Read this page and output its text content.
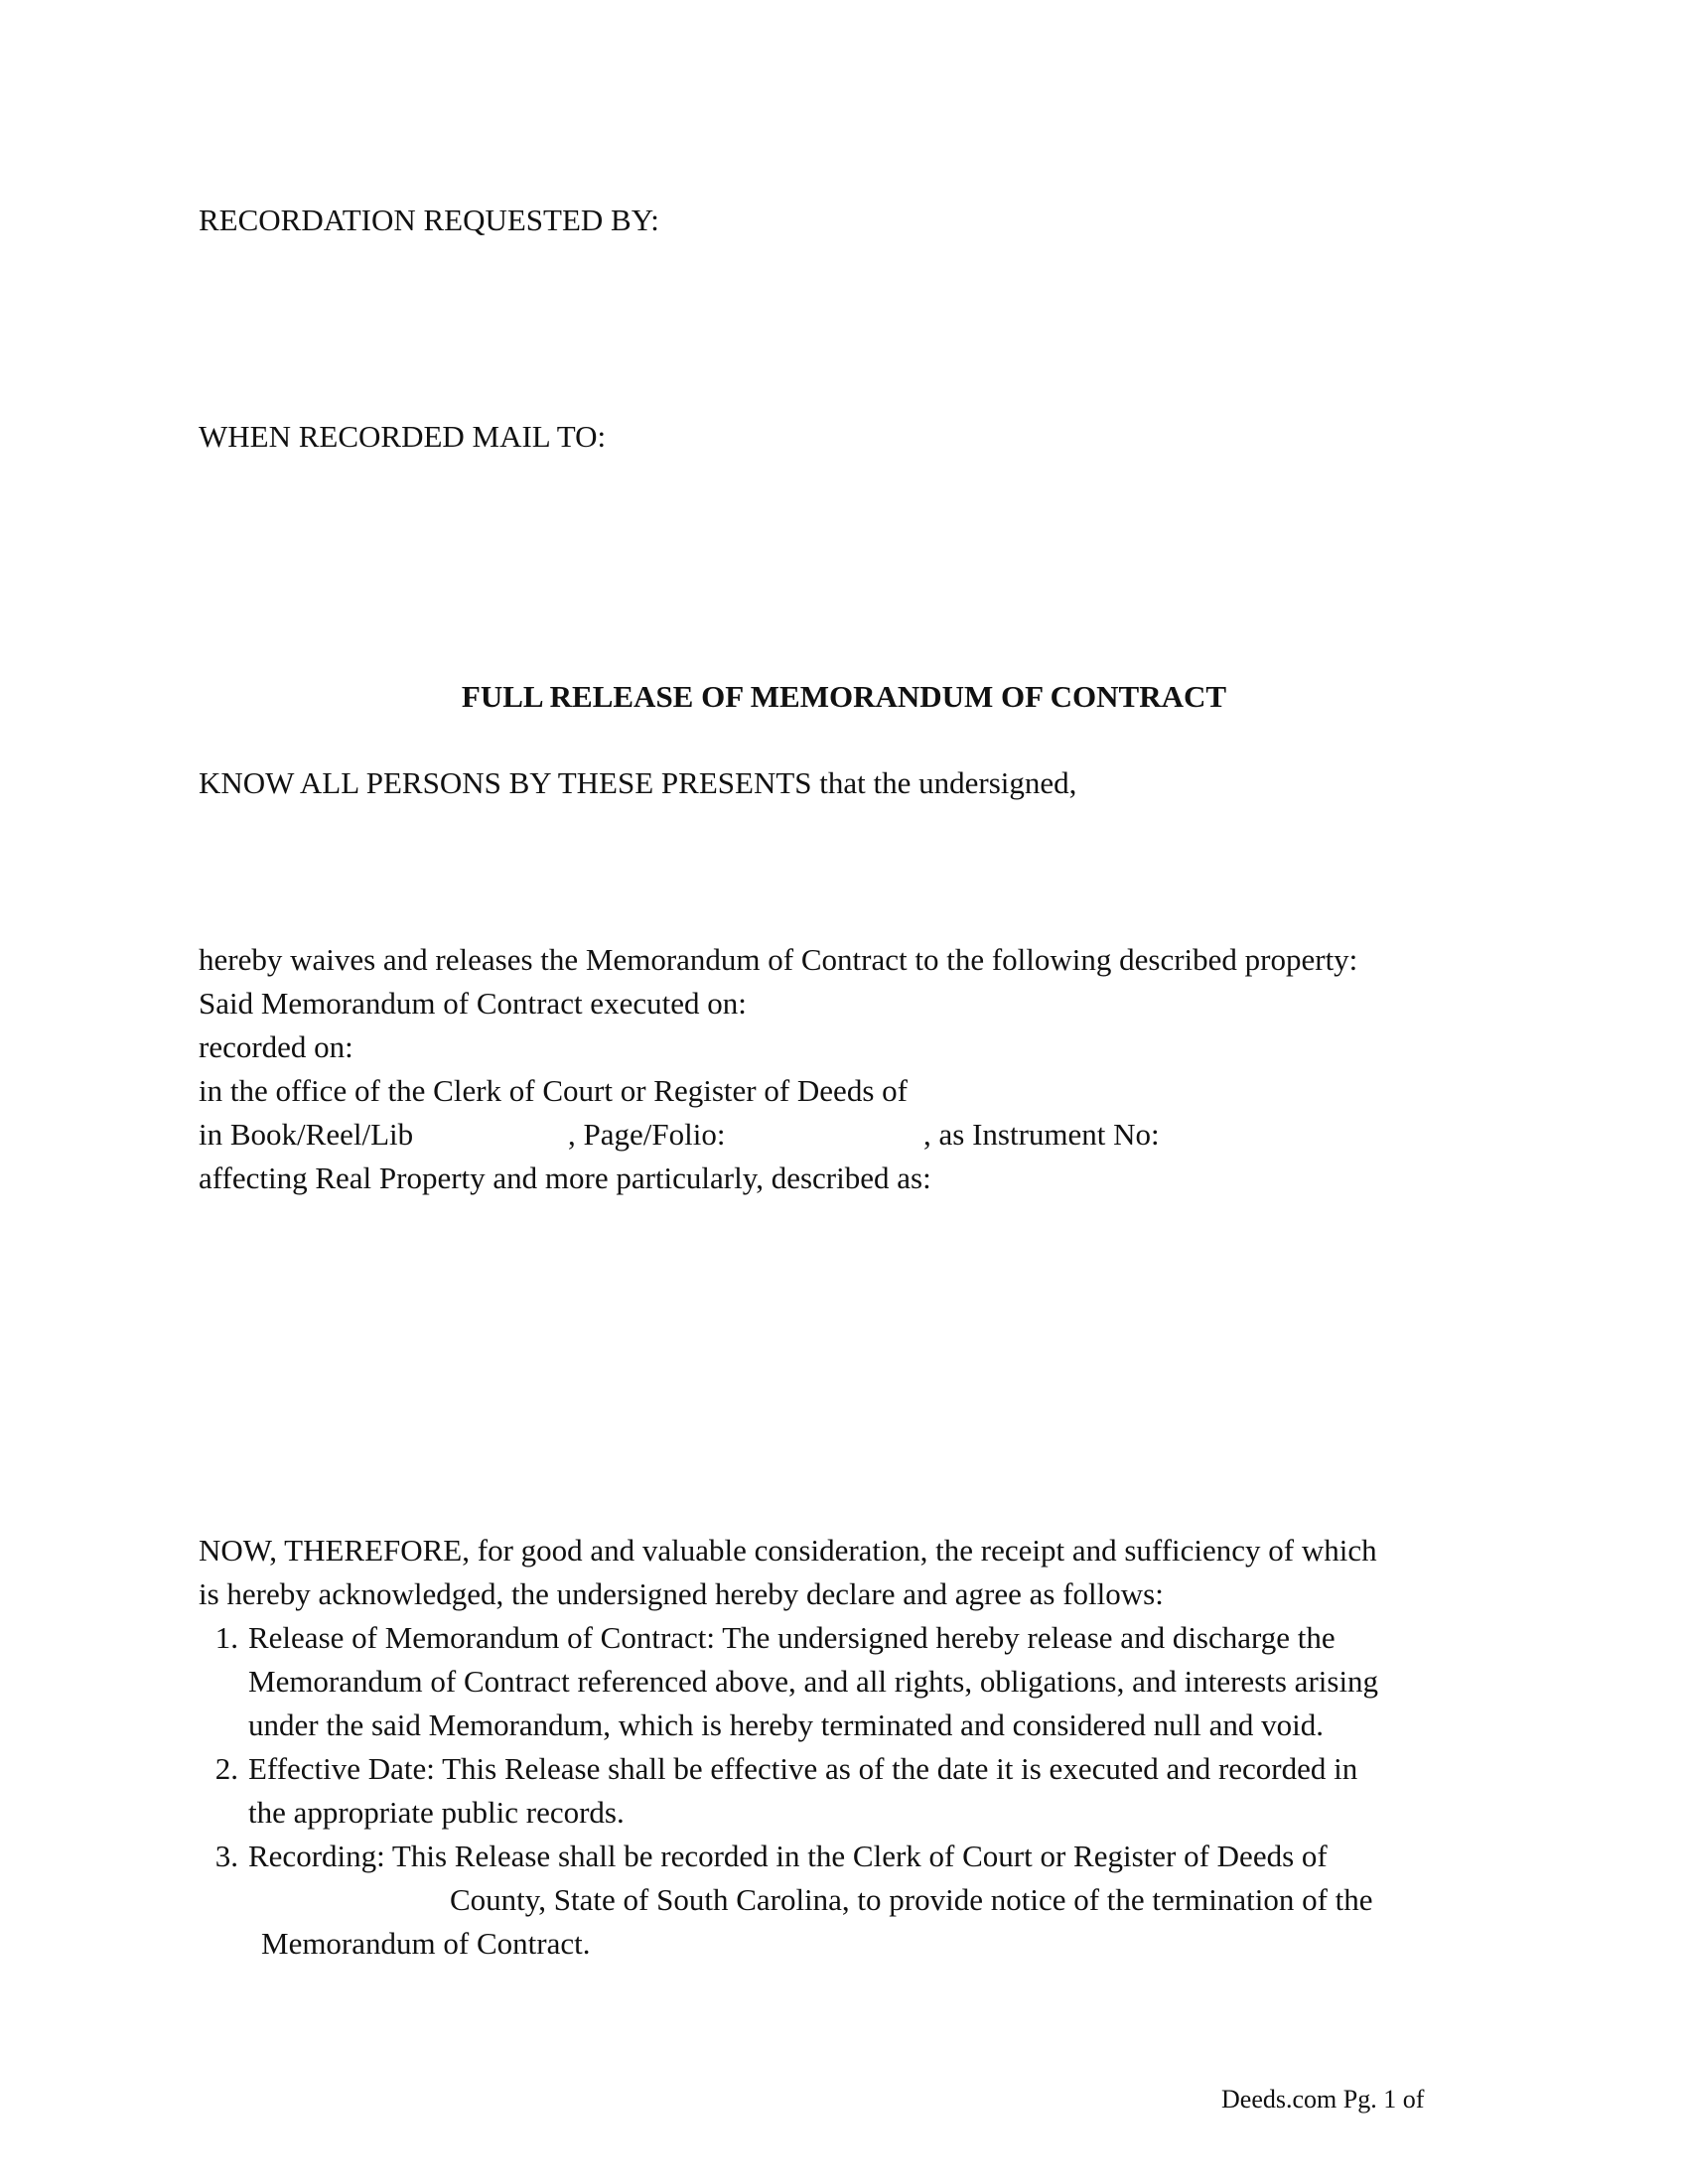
RECORDATION REQUESTED BY:
WHEN RECORDED MAIL TO:
FULL RELEASE OF MEMORANDUM OF CONTRACT
KNOW ALL PERSONS BY THESE PRESENTS that the undersigned,
hereby waives and releases the Memorandum of Contract to the following described property:
Said Memorandum of Contract executed on:
recorded on:
in the office of the Clerk of Court or Register of Deeds of
in Book/Reel/Lib	, Page/Folio:	, as Instrument No:
affecting Real Property and more particularly, described as:
NOW, THEREFORE, for good and valuable consideration, the receipt and sufficiency of which
is hereby acknowledged, the undersigned hereby declare and agree as follows:
1. Release of Memorandum of Contract: The undersigned hereby release and discharge the
Memorandum of Contract referenced above, and all rights, obligations, and interests arising
under the said Memorandum, which is hereby terminated and considered null and void.
2. Effective Date: This Release shall be effective as of the date it is executed and recorded in
the appropriate public records.
3. Recording: This Release shall be recorded in the Clerk of Court or Register of Deeds of
County, State of South Carolina, to provide notice of the termination of the
Memorandum of Contract.
Deeds.com Pg. 1 of
